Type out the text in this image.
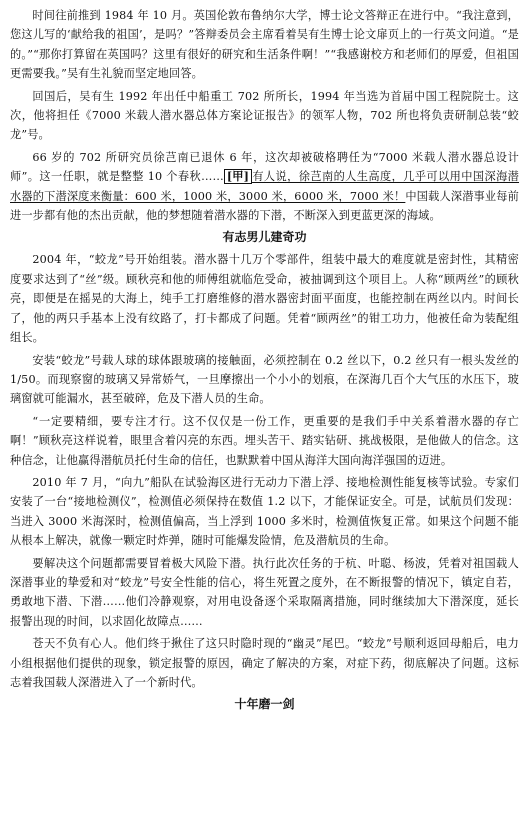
时间往前推到 1984 年 10 月。英国伦敦布鲁纳尔大学，博士论文答辩正在进行中。“我注意到，您这儿写的‘献给我的祖国’，是吗？”答辩委员会主席看着吴有生博士论文扉页上的一行英文问道。“是的。”“那你打算留在英国吗？这里有很好的研究和生活条件啊！”“我感谢校方和老师们的厚爱，但祖国更需要我。”吴有生礼貌而坚定地回答。

回国后，吴有生 1992 年出任中船重工 702 所所长，1994 年当选为首届中国工程院院士。这次，他将担任《7000 米载人潜水器总体方案论证报告》的领军人物，702 所也将负责研制总装“蛟龙”号。

66 岁的 702 所研究员徐芑南已退休 6 年，这次却被破格聘任为“7000 米载人潜水器总设计师”。这一任职，就是整整 10 个春秋…… [甲] 有人说，徐芑南的人生高度，几乎可以用中国深海潜水器的下潜深度来衡量：600 米，1000 米，3000 米，6000 米，7000 米！中国载人深潜事业每前进一步都有他的杰出贡献，他的梦想随着潜水器的下潜，不断深入到更蓝更深的海域。

有志男儿建奇功

2004 年，“蛟龙”号开始组装。潜水器十几万个零部件，组装中最大的难度就是密封性，其精密度要求达到了“丝”级。顾秋亮和他的师傅组就临危受命，被抽调到这个项目上。人称“顾两丝”的顾秋亮，即便是在摇晃的大海上，纯手工打磨维修的潜水器密封面平面度，也能控制在两丝以内。时间长了，他的两只手基本上没有纹路了，打卡都成了问题。凭着“顾两丝”的钳工功力，他被任命为装配组组长。

安装“蛟龙”号载人球的球体跟玻璃的接触面，必须控制在 0.2 丝以下，0.2 丝只有一根头发丝的 1/50。而现察窗的玻璃又异常娇气，一旦摩擦出一个小小的划痕，在深海几百个大气压的水压下，玻璃窗就可能漏水，甚至破碎，危及下潜人员的生命。

“一定要精细，要专注才行。这不仅仅是一份工作，更重要的是我们手中关系着潜水器的存亡啊！”顾秋亮这样说着，眼里含着闪亮的东西。埋头苦干、踏实钻研、挑战极限，是他做人的信念。这种信念，让他赢得潜航员托付生命的信任，也默默着中国从海洋大国向海洋强国的迈进。

2010 年 7 月，“向九”船队在试验海区进行无动力下潜上浮、接地检测性能复核等试验。专家们安装了一台“接地检测仪”，检测值必须保持在数值 1.2 以下，才能保证安全。可是，试航员们发现：当进入 3000 米海深时，检测值偏高，当上浮到 1000 多米时，检测值恢复正常。如果这个问题不能从根本上解决，就像一颗定时炸弹，随时可能爆发险情，危及潜航员的生命。

要解决这个问题都需要冒着极大风险下潜。执行此次任务的于杭、叶聪、杨波，凭着对祖国载人深潜事业的挚爱和对“蛟龙”号安全性能的信心，将生死置之度外，在不断报警的情况下，镇定自若，勇敢地下潜、下潜……他们冷静观察，对用电设备逐个采取隔离措施，同时继续加大下潜深度，延长报警出现的时间，以求固化故障点……

苍天不负有心人。他们终于揪住了这只时隐时现的“幽灵”尾巴。“蛟龙”号顺利返回母船后，电力小组根据他们提供的现象，锁定报警的原因，确定了解决的方案，对症下药，彻底解决了问题。这标志着我国载人深潜进入了一个新时代。

十年磨一剑
